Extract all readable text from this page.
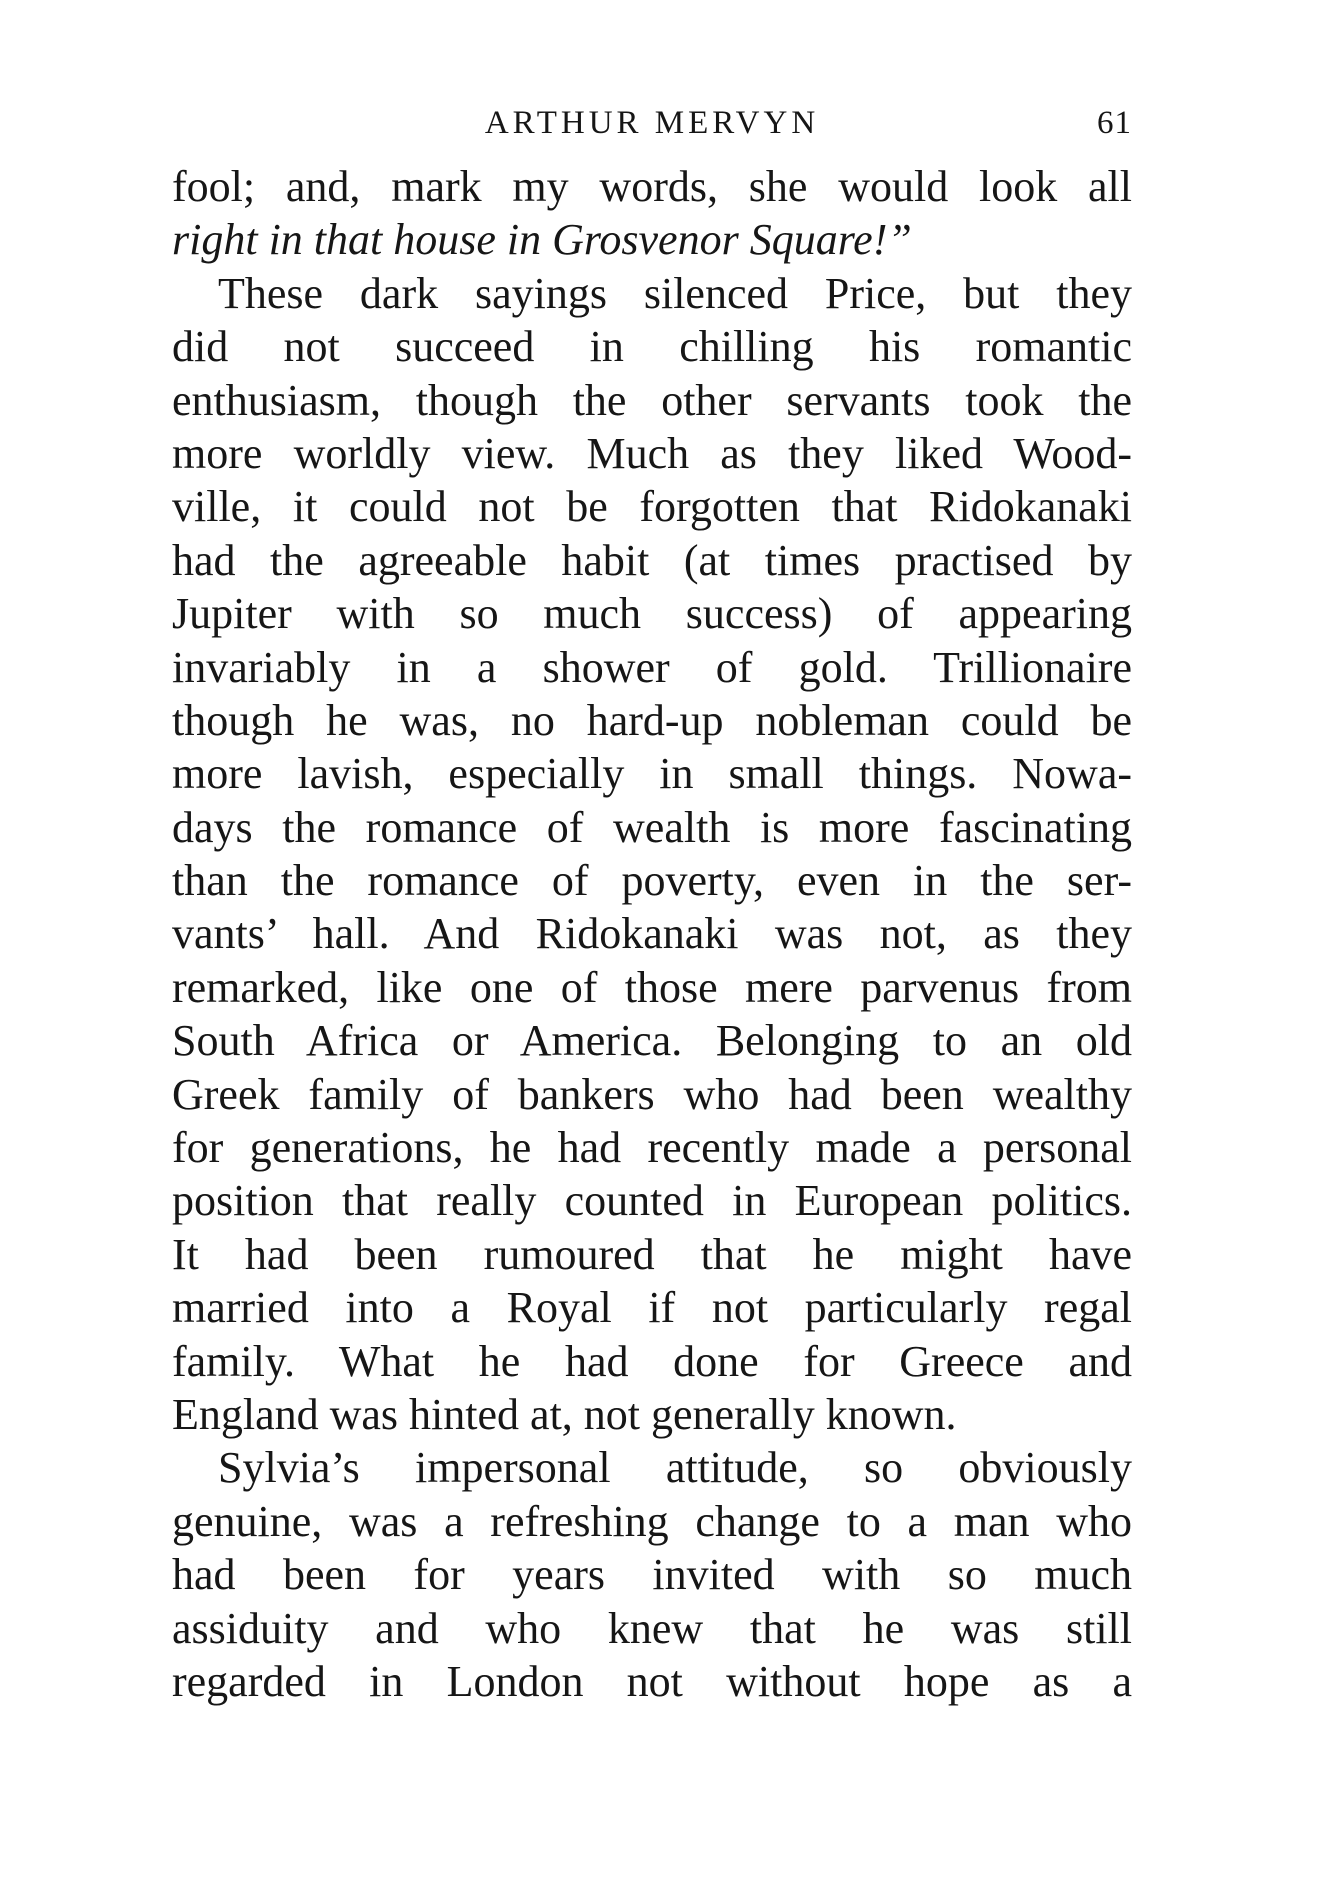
ARTHUR MERVYN	61
fool; and, mark my words, she would look all
right in that house in Grosvenor Square!”
These dark sayings silenced Price, but they
did not succeed in chilling his romantic
enthusiasm, though the other servants took the
more worldly view. Much as they liked Wood-
ville, it could not be forgotten that Ridokanaki
had the agreeable habit (at times practised by
Jupiter with so much success) of appearing
invariably in a shower of gold. Trillionaire
though he was, no hard-up nobleman could be
more lavish, especially in small things. Nowa-
days the romance of wealth is more fascinating
than the romance of poverty, even in the ser-
vants’ hall. And Ridokanaki was not, as they
remarked, like one of those mere parvenus from
South Africa or America. Belonging to an old
Greek family of bankers who had been wealthy
for generations, he had recently made a personal
position that really counted in European politics.
It had been rumoured that he might have
married into a Royal if not particularly regal
family. What he had done for Greece and
England was hinted at, not generally known.
Sylvia’s impersonal attitude, so obviously
genuine, was a refreshing change to a man who
had been for years invited with so much
assiduity and who knew that he was still
regarded in London not without hope as a
